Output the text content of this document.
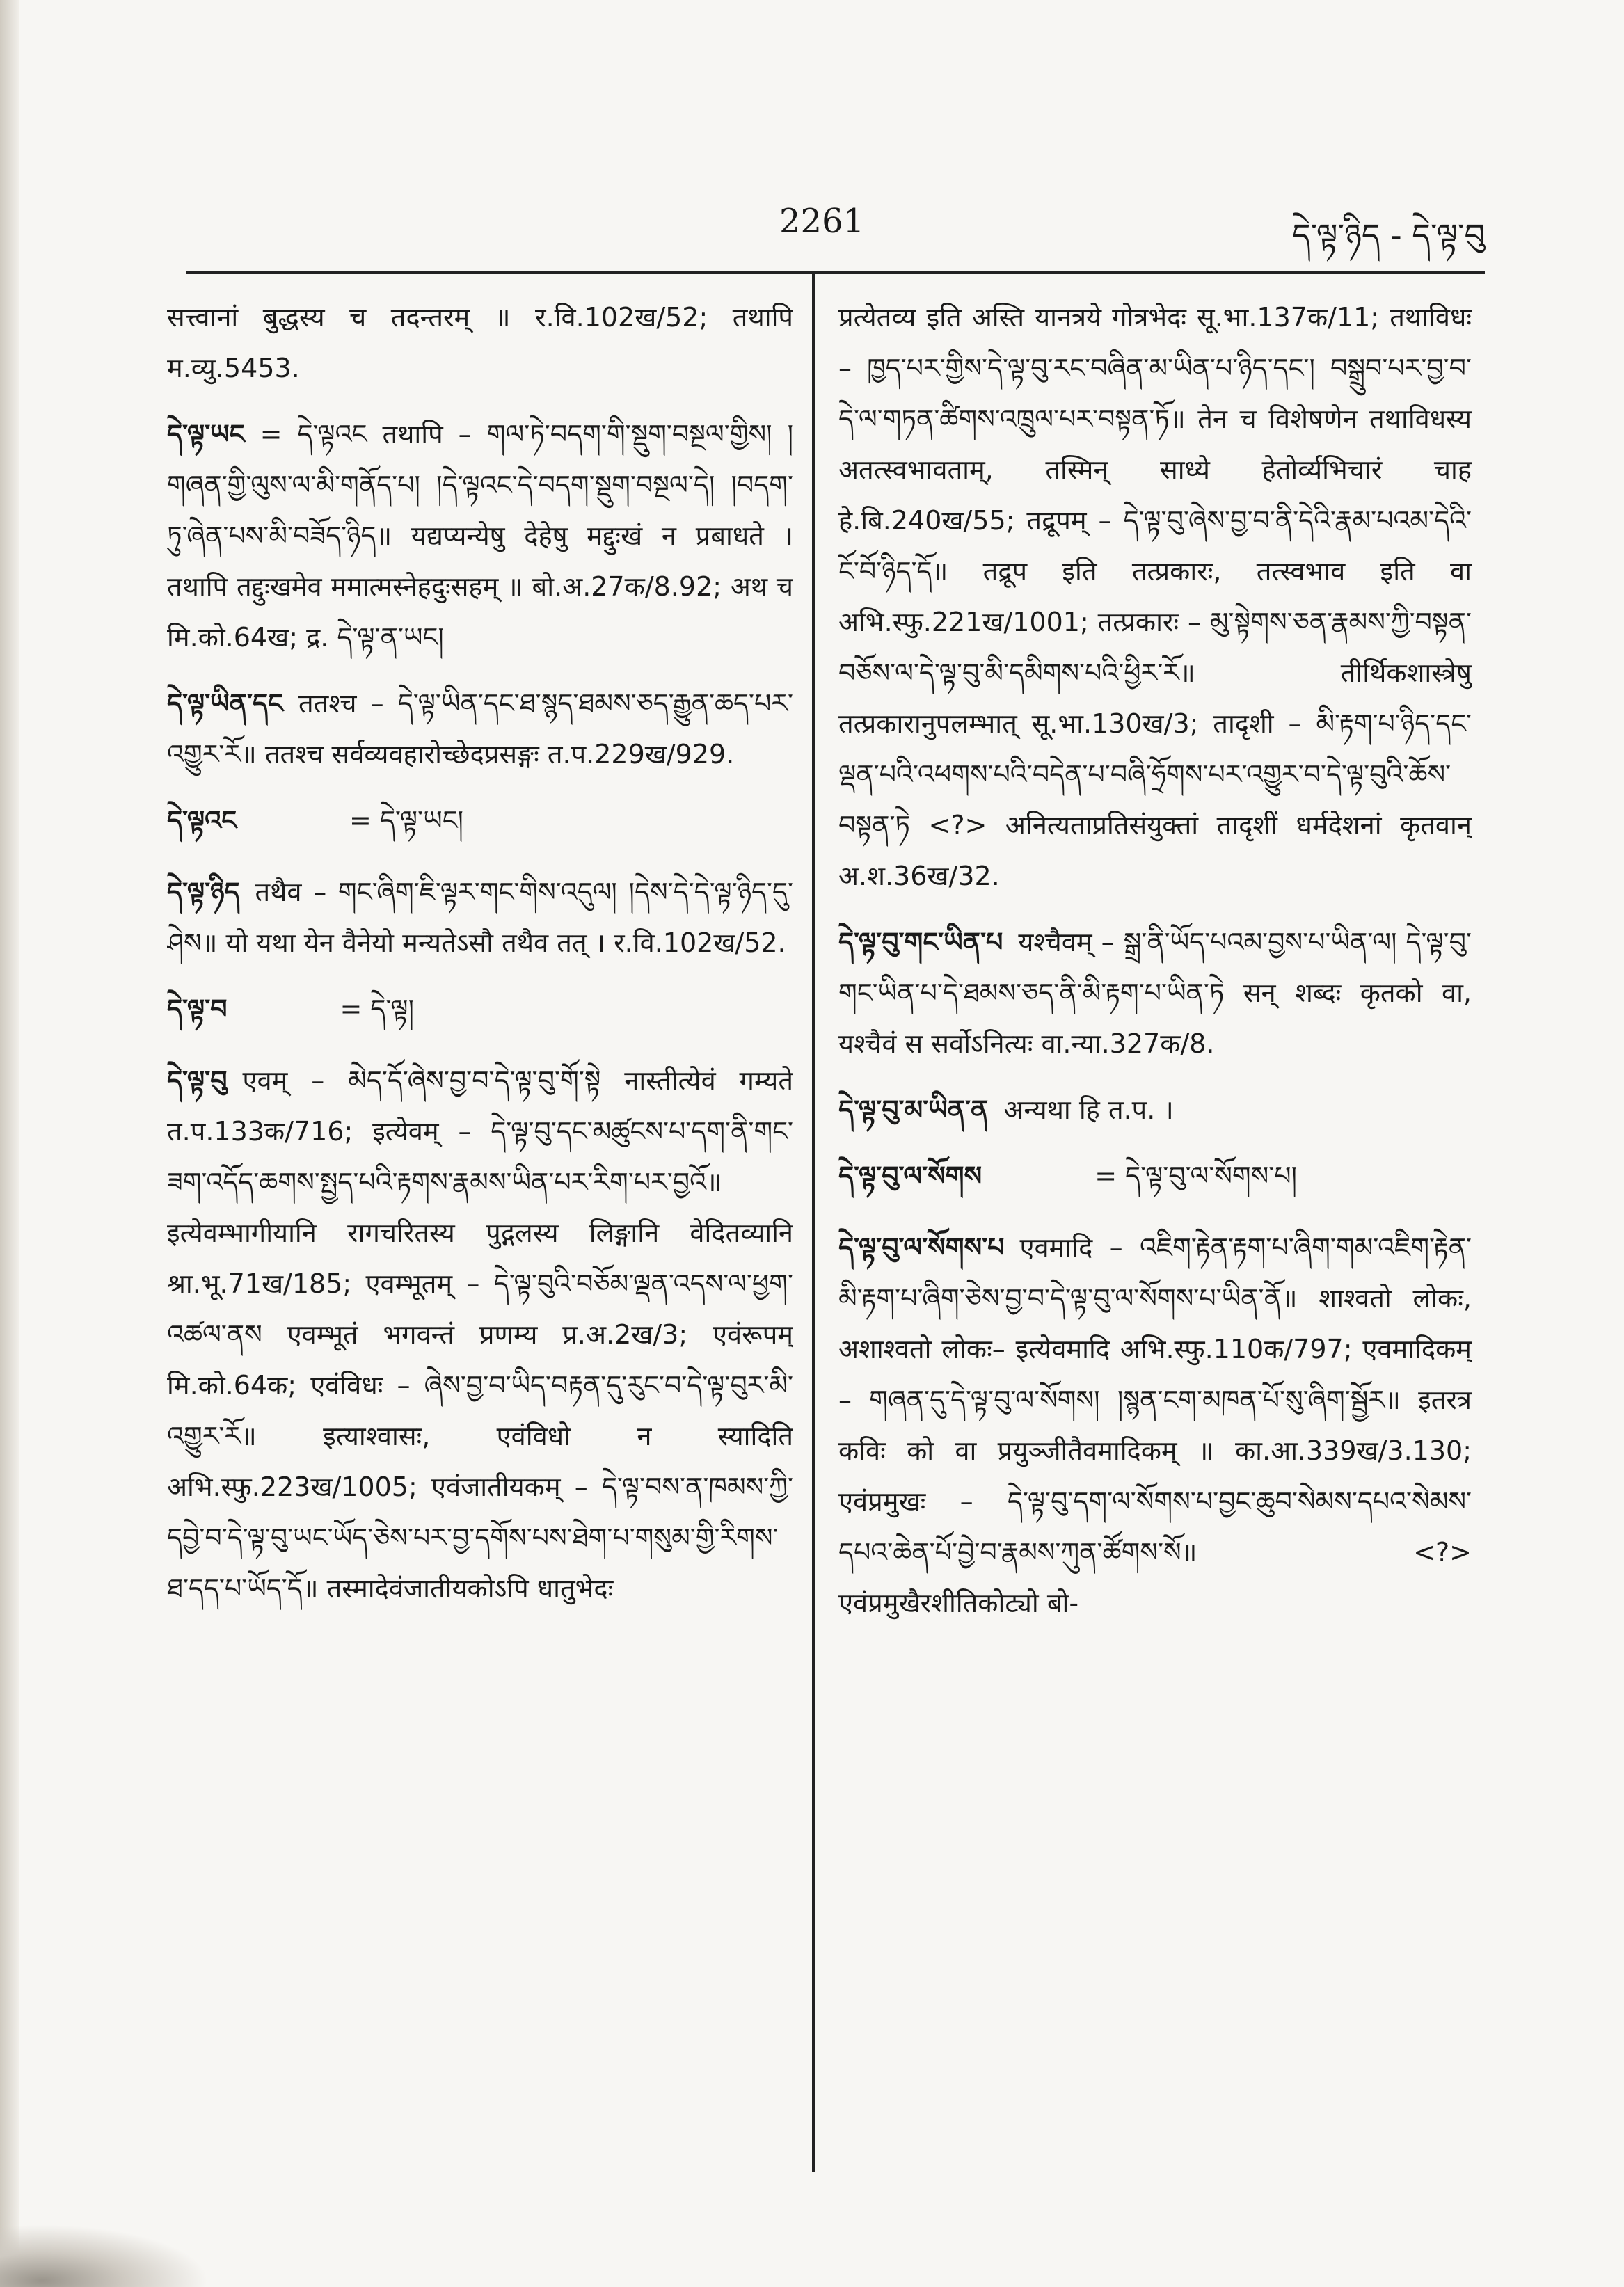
2261	དེ་ལྟ་ཉིད - དེ་ལྟ་བུ
सत्त्वानां बुद्धस्य च तदन्तरम् ॥ र.वि.102ख/52; तथापि म.व्यु.5453.
དེ་ལྟ་ཡང = དེ་ལྟའང तथापि – གལ་ཏེ་བདག་གི་སྡུག་བསྔལ་གྱིས། །གཞན་གྱི་ལུས་ལ་མི་གནོད་པ། །དེ་ལྟའང་དེ་བདག་སྡུག་བསྔལ་དེ། །བདག་ཏུ་ཞེན་པས་མི་བཟོད་ཉིད॥ यद्यप्यन्येषु देहेषु मद्दुःखं न प्रबाधते । तथापि तद्दुःखमेव ममात्मस्नेहदुःसहम् ॥ बो.अ.27क/8.92; अथ च मि.को.64ख; द्र. དེ་ལྟ་ན་ཡང།
དེ་ལྟ་ཡིན་དང ततश्च – དེ་ལྟ་ཡིན་དང་ཐ་སྙད་ཐམས་ཅད་རྒྱུན་ཆད་པར་འགྱུར་རོ॥ ततश्च सर्वव्यवहारोच्छेदप्रसङ्गः त.प.229ख/929.
དེ་ལྟའང	= དེ་ལྟ་ཡང།
དེ་ལྟ་ཉིད तथैव – གང་ཞིག་ཇི་ལྟར་གང་གིས་འདུལ། །དེས་དེ་དེ་ལྟ་ཉིད་དུ་ཤེས॥ यो यथा येन वैनेयो मन्यतेऽसौ तथैव तत् । र.वि.102ख/52.
དེ་ལྟ་བ	= དེ་ལྟ།
དེ་ལྟ་བུ एवम् – མེད་དོ་ཞེས་བྱ་བ་དེ་ལྟ་བུ་གོ་སྟེ नास्तीत्येवं गम्यते त.प.133क/716; इत्येवम् – དེ་ལྟ་བུ་དང་མཚུངས་པ་དག་ནི་གང་ཟག་འདོད་ཆགས་སྤྱད་པའི་རྟགས་རྣམས་ཡིན་པར་རིག་པར་བྱའོ॥ इत्येवम्भागीयानि रागचरितस्य पुद्गलस्य लिङ्गानि वेदितव्यानि श्रा.भू.71ख/185; एवम्भूतम् – དེ་ལྟ་བུའི་བཅོམ་ལྡན་འདས་ལ་ཕྱག་འཚལ་ནས एवम्भूतं भगवन्तं प्रणम्य प्र.अ.2ख/3; एवंरूपम् मि.को.64क; एवंविधः – ཞེས་བྱ་བ་ཡིད་བརྟན་དུ་རུང་བ་དེ་ལྟ་བུར་མི་འགྱུར་རོ॥ इत्याश्वासः, एवंविधो न स्यादिति अभि.स्फु.223ख/1005; एवंजातीयकम् – དེ་ལྟ་བས་ན་ཁམས་ཀྱི་དབྱེ་བ་དེ་ལྟ་བུ་ཡང་ཡོད་ཅེས་པར་བྱ་དགོས་པས་ཐེག་པ་གསུམ་གྱི་རིགས་ཐ་དད་པ་ཡོད་དོ॥ तस्मादेवंजातीयकोऽपि धातुभेदः
प्रत्येतव्य इति अस्ति यानत्रये गोत्रभेदः सू.भा.137क/11; तथाविधः – ཁྱད་པར་གྱིས་དེ་ལྟ་བུ་རང་བཞིན་མ་ཡིན་པ་ཉིད་དང་། བསྒྲུབ་པར་བྱ་བ་དེ་ལ་གཏན་ཚིགས་འཁྲུལ་པར་བསྟན་ཏོ॥ तेन च विशेषणेन तथाविधस्य अतत्स्वभावताम्, तस्मिन् साध्ये हेतोर्व्यभिचारं चाह हे.बि.240ख/55; तद्रूपम् – དེ་ལྟ་བུ་ཞེས་བྱ་བ་ནི་དེའི་རྣམ་པའམ་དེའི་ངོ་བོ་ཉིད་དོ॥ तद्रूप इति तत्प्रकारः, तत्स्वभाव इति वा अभि.स्फु.221ख/1001; तत्प्रकारः – མུ་སྟེགས་ཅན་རྣམས་ཀྱི་བསྟན་བཅོས་ལ་དེ་ལྟ་བུ་མི་དམིགས་པའི་ཕྱིར་རོ॥ तीर्थिकशास्त्रेषु तत्प्रकारानुपलम्भात् सू.भा.130ख/3; तादृशी – མི་རྟག་པ་ཉིད་དང་ལྡན་པའི་འཕགས་པའི་བདེན་པ་བཞི་ཧྲོགས་པར་འགྱུར་བ་དེ་ལྟ་བུའི་ཆོས་བསྟན་ཏེ <?> अनित्यताप्रतिसंयुक्तां तादृशीं धर्मदेशनां कृतवान् अ.श.36ख/32.
དེ་ལྟ་བུ་གང་ཡིན་པ यश्चैवम् – སྒྲ་ནི་ཡོད་པའམ་བྱས་པ་ཡིན་ལ། དེ་ལྟ་བུ་གང་ཡིན་པ་དེ་ཐམས་ཅད་ནི་མི་རྟག་པ་ཡིན་ཏེ सन् शब्दः कृतको वा, यश्चैवं स सर्वोऽनित्यः वा.न्या.327क/8.
དེ་ལྟ་བུ་མ་ཡིན་ན अन्यथा हि त.प. ।
དེ་ལྟ་བུ་ལ་སོགས	= དེ་ལྟ་བུ་ལ་སོགས་པ།
དེ་ལྟ་བུ་ལ་སོགས་པ एवमादि – འཇིག་རྟེན་རྟག་པ་ཞིག་གམ་འཇིག་རྟེན་མི་རྟག་པ་ཞིག་ཅེས་བྱ་བ་དེ་ལྟ་བུ་ལ་སོགས་པ་ཡིན་ནོ॥ शाश्वतो लोकः, अशाश्वतो लोकः– इत्येवमादि अभि.स्फु.110क/797; एवमादिकम् – གཞན་དུ་དེ་ལྟ་བུ་ལ་སོགས། །སྙན་ངག་མཁན་པོ་སུ་ཞིག་སྦྱོར॥ इतरत्र कविः को वा प्रयुञ्जीतैवमादिकम् ॥ का.आ.339ख/3.130; एवंप्रमुखः – དེ་ལྟ་བུ་དག་ལ་སོགས་པ་བྱང་ཆུབ་སེམས་དཔའ་སེམས་དཔའ་ཆེན་པོ་བྱེ་བ་རྣམས་ཀུན་ཚོགས་སོ॥ <?> एवंप्रमुखैरशीतिकोट्यो बो-
